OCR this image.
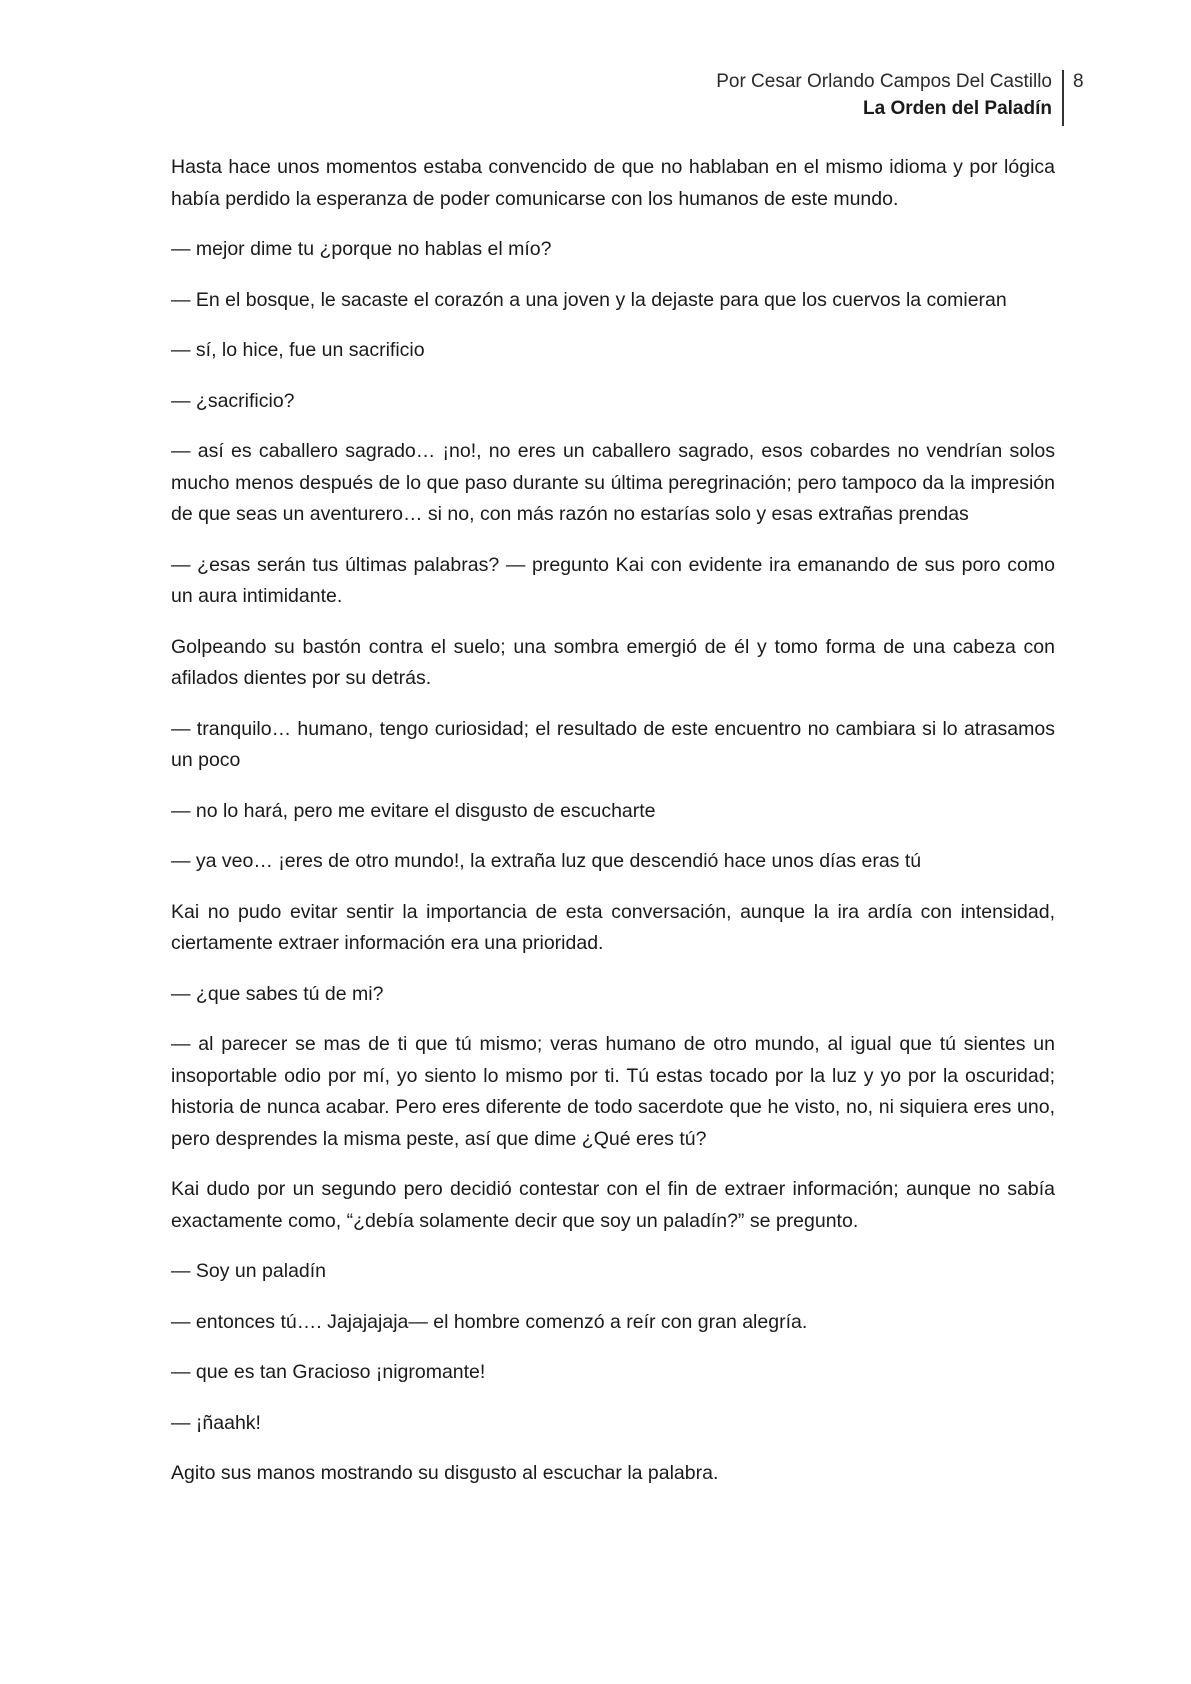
Por Cesar Orlando Campos Del Castillo
La Orden del Paladín
8

Hasta hace unos momentos estaba convencido de que no hablaban en el mismo idioma y por lógica había perdido la esperanza de poder comunicarse con los humanos de este mundo.

— mejor dime tu ¿porque no hablas el mío?

— En el bosque, le sacaste el corazón a una joven y la dejaste para que los cuervos la comieran

— sí, lo hice, fue un sacrificio

— ¿sacrificio?

— así es caballero sagrado… ¡no!, no eres un caballero sagrado, esos cobardes no vendrían solos mucho menos después de lo que paso durante su última peregrinación; pero tampoco da la impresión de que seas un aventurero… si no, con más razón no estarías solo y esas extrañas prendas

— ¿esas serán tus últimas palabras? — pregunto Kai con evidente ira emanando de sus poro como un aura intimidante.

Golpeando su bastón contra el suelo; una sombra emergió de él y tomo forma de una cabeza con afilados dientes por su detrás.

— tranquilo… humano, tengo curiosidad; el resultado de este encuentro no cambiara si lo atrasamos un poco

— no lo hará, pero me evitare el disgusto de escucharte

— ya veo… ¡eres de otro mundo!, la extraña luz que descendió hace unos días eras tú

Kai no pudo evitar sentir la importancia de esta conversación, aunque la ira ardía con intensidad, ciertamente extraer información era una prioridad.

— ¿que sabes tú de mi?

— al parecer se mas de ti que tú mismo; veras humano de otro mundo, al igual que tú sientes un insoportable odio por mí, yo siento lo mismo por ti. Tú estas tocado por la luz y yo por la oscuridad; historia de nunca acabar. Pero eres diferente de todo sacerdote que he visto, no, ni siquiera eres uno, pero desprendes la misma peste, así que dime ¿Qué eres tú?

Kai dudo por un segundo pero decidió contestar con el fin de extraer información; aunque no sabía exactamente como, “¿debía solamente decir que soy un paladín?” se pregunto.

— Soy un paladín

— entonces tú…. Jajajajaja— el hombre comenzó a reír con gran alegría.

— que es tan Gracioso ¡nigromante!

— ¡ñaahk!

Agito sus manos mostrando su disgusto al escuchar la palabra.
